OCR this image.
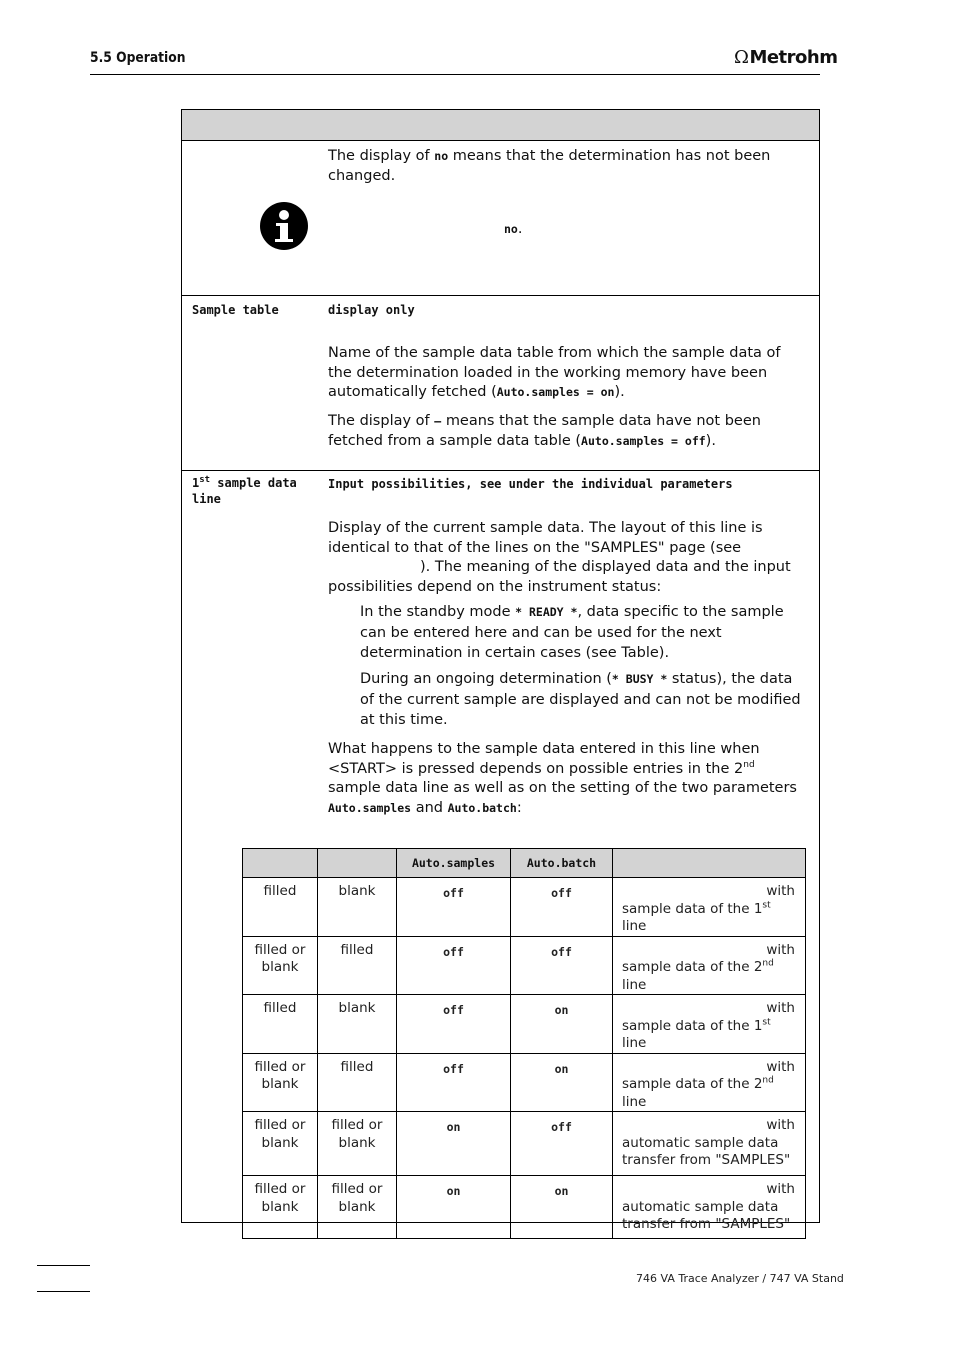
5.5 Operation	ΩMetrohm
The display of no means that the determination has not been changed.
no.
Sample table	display only
Name of the sample data table from which the sample data of the determination loaded in the working memory have been automatically fetched (Auto.samples = on).
The display of – means that the sample data have not been fetched from a sample data table (Auto.samples = off).
1st sample data line
Input possibilities, see under the individual parameters
Display of the current sample data. The layout of this line is identical to that of the lines on the "SAMPLES" page (see). The meaning of the displayed data and the input possibilities depend on the instrument status:
In the standby mode * READY *, data specific to the sample can be entered here and can be used for the next determination in certain cases (see Table).
During an ongoing determination (* BUSY * status), the data of the current sample are displayed and can not be modified at this time.
What happens to the sample data entered in this line when <START> is pressed depends on possible entries in the 2nd sample data line as well as on the setting of the two parameters Auto.samples and Auto.batch:
		Auto.samples	Auto.batch	
filled	blank	off	off	with
sample data of the 1st line
filled or blank	filled	off	off	with
sample data of the 2nd line
filled	blank	off	on	with
sample data of the 1st line
filled or blank	filled	off	on	with
sample data of the 2nd line
filled or blank	filled or blank	on	off	with
automatic sample data transfer from "SAMPLES"
filled or blank	filled or blank	on	on	with
automatic sample data transfer from "SAMPLES"
746 VA Trace Analyzer / 747 VA Stand
